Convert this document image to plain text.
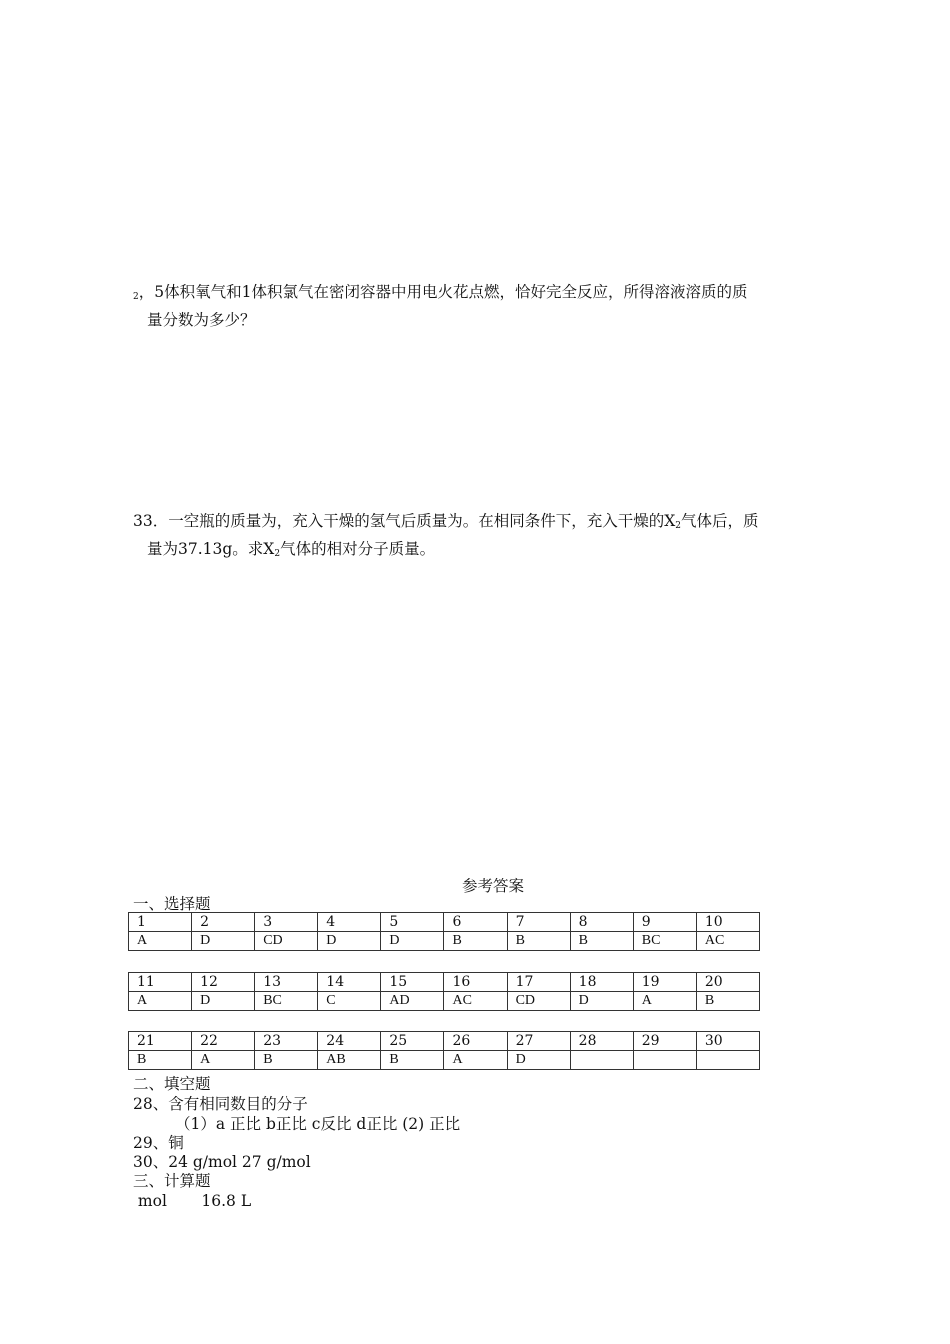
$_2$，5体积氧气和1体积氯气在密闭容器中用电火花点燃，恰好完全反应，所得溶液溶质的质
量分数为多少？
33．一空瓶的质量为，充入干燥的氢气后质量为。在相同条件下，充入干燥的$X_2$气体后，质
量为37.13g。求$X_2$气体的相对分子质量。
参考答案
一、选择题
1	2	3	4	5	6	7	8	9	10
A	D	CD	D	D	B	B	B	BC	AC
11	12	13	14	15	16	17	18	19	20
A	D	BC	C	AD	AC	CD	D	A	B
21	22	23	24	25	26	27	28	29	30
B	A	B	AB	B	A	D			
二、填空题
28、含有相同数目的分子
（1）a 正比 b正比 c反比 d正比 (2) 正比
29、铜
30、24 g/mol 27 g/mol
三、计算题
mol       16.8 L
